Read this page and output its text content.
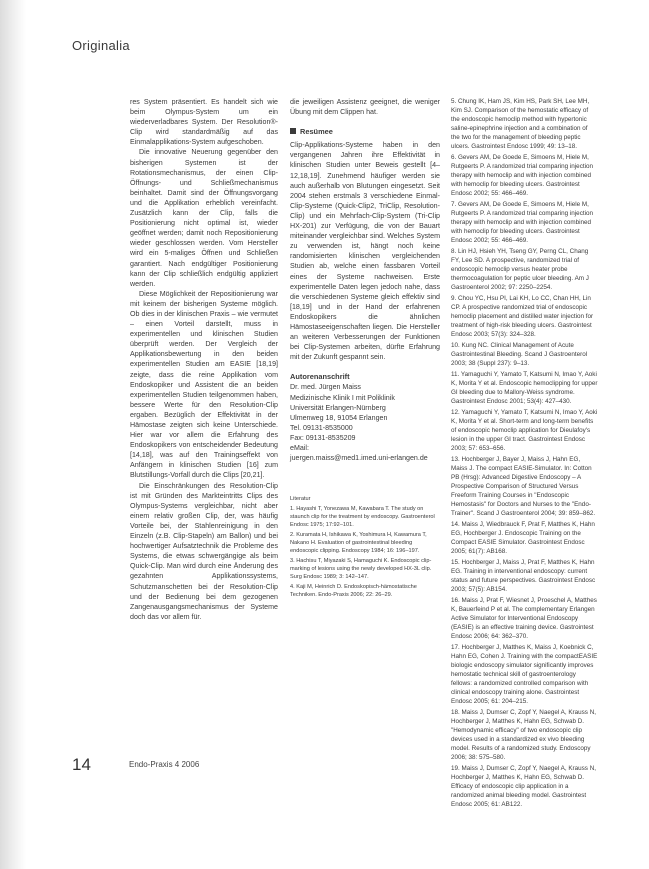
Originalia

res System präsentiert. Es handelt sich wie beim Olympus-System um ein wiederverladbares System. Der Resolution®-Clip wird standardmäßig auf das Einmalapplikations-System aufgeschoben.

Die innovative Neuerung gegenüber den bisherigen Systemen ist der Rotationsmechanismus, der einen Clip-Öffnungs- und Schließmechanismus beinhaltet. Damit sind der Öffnungsvorgang und die Applikation erheblich vereinfacht. Zusätzlich kann der Clip, falls die Positionierung nicht optimal ist, wieder geöffnet werden; damit noch Repositionierung wieder geschlossen werden. Vom Hersteller wird ein 5-maliges Öffnen und Schließen garantiert. Nach endgültiger Positionierung kann der Clip schließlich endgültig appliziert werden.

Diese Möglichkeit der Repositionierung war mit keinem der bisherigen Systeme möglich. Ob dies in der klinischen Praxis – wie vermutet – einen Vorteil darstellt, muss in experimentellen und klinischen Studien überprüft werden. Der Vergleich der Applikationsbewertung in den beiden experimentellen Studien am EASIE [18,19] zeigte, dass die reine Applikation vom Endoskopiker und Assistent die an beiden experimentellen Studien teilgenommen haben, bessere Werte für den Resolution-Clip ergaben. Bezüglich der Effektivität in der Hämostase zeigten sich keine Unterschiede. Hier war vor allem die Erfahrung des Endoskopikers von entscheidender Bedeutung [14,18], was auf den Trainingseffekt von Anfängern in klinischen Studien [16] zum Blutstillungs-Vorfall durch die Clips [20,21].

Die Einschränkungen des Resolution-Clip ist mit Gründen des Markteintritts Clips des Olympus-Systems vergleichbar, nicht aber einem relativ großen Clip, der, was häufig Vorteile bei, der Stahlenreinigung in den Einzeln (z.B. Clip-Stapeln) am Ballon) und bei hochwertiger Aufsatztechnik die Probleme des Systems, die etwas schwergängige als beim Quick-Clip. Man wird durch eine Änderung des gezahnten Applikationssystems, Schutzmanschetten bei der Resolution-Clip und der Bedienung bei dem gezogenen Zangenausgangsmechanismus der Systeme doch das vor allem für.

die jeweiligen Assistenz geeignet, die weniger Übung mit dem Clippen hat.

Resümee

Clip-Applikations-Systeme haben in den vergangenen Jahren ihre Effektivität in klinischen Studien unter Beweis gestellt [4–12,18,19]. Zunehmend häufiger werden sie auch außerhalb von Blutungen eingesetzt. Seit 2004 stehen erstmals 3 verschiedene Einmal-Clip-Systeme (Quick-Clip2, TriClip, Resolution-Clip) und ein Mehrfach-Clip-System (Tri-Clip HX-201) zur Verfügung, die von der Bauart miteinander vergleichbar sind. Welches System zu verwenden ist, hängt noch keine randomisierten klinischen vergleichenden Studien ab, welche einen fassbaren Vorteil eines der Systeme nachweisen. Erste experimentelle Daten legen jedoch nahe, dass die verschiedenen Systeme gleich effektiv sind [18,19] und in der Hand der erfahrenen Endoskopikers die ähnlichen Hämostaseeigenschaften liegen. Die Hersteller an weiteren Verbesserungen der Funktionen bei Clip-Systemen arbeiten, dürfte Erfahrung mit der Zukunft gespannt sein.

Autorenanschrift
Dr. med. Jürgen Maiss
Medizinische Klinik I mit Poliklinik
Universität Erlangen-Nürnberg
Ulmenweg 18, 91054 Erlangen
Tel. 09131-8535000
Fax: 09131-8535209
eMail:
juergen.maiss@med1.imed.uni-erlangen.de
Literatur
1. Hayashi T, Yonezawa M, Kawabara T. The study on staunch clip for the treatment by endoscopy. Gastroenterol Endosc 1975; 17:92–101.
2. Kuramata H, Ishikawa K, Yoshimura H, Kawamura T, Nakano H. Evaluation of gastrointestinal bleeding endoscopic clipping. Endoscopy 1984; 16: 196–197.
3. Hachisu T, Miyazaki S, Hamaguchi K. Endoscopic clip-marking of lesions using the newly developed HX-3L clip. Surg Endosc 1989; 3: 142–147.
4. Kaji M, Heinrich D. Endoskopisch-hämostatische Techniken. Endo-Praxis 2006; 22: 26–29.
5. Chung IK, Ham JS, Kim HS, Park SH, Lee MH, Kim SJ. Comparison of the hemostatic efficacy of the endoscopic hemoclip method with hypertonic saline-epinephrine injection and a combination of the two for the management of bleeding peptic ulcers. Gastrointest Endosc 1999; 49: 13–18.
6. Gevers AM, De Goede E, Simoens M, Hiele M, Rutgeerts P. A randomized trial comparing injection therapy with hemoclip and with injection combined with hemoclip for bleeding ulcers. Gastrointest Endosc 2002; 55: 466–469.
7. Gevers AM, De Goede E, Simoens M, Hiele M, Rutgeerts P. A randomized trial comparing injection therapy with hemoclip and with injection combined with hemoclip for bleeding ulcers. Gastrointest Endosc 2002; 55: 466–469.
8. Lin HJ, Hsieh YH, Tseng GY, Perng CL, Chang FY, Lee SD. A prospective, randomized trial of endoscopic hemoclip versus heater probe thermocoagulation for peptic ulcer bleeding. Am J Gastroenterol 2002; 97: 2250–2254.
9. Chou YC, Hsu PI, Lai KH, Lo CC, Chan HH, Lin CP. A prospective randomized trial of endoscopic hemoclip placement and distilled water injection for treatment of high-risk bleeding ulcers. Gastrointest Endosc 2003; 57(3): 324–328.
10. Kung NC. Clinical Management of Acute Gastrointestinal Bleeding. Scand J Gastroenterol 2003; 38 (Suppl 237): 9–13.
11. Yamaguchi Y, Yamato T, Katsumi N, Imao Y, Aoki K, Morita Y et al. Endoscopic hemoclipping for upper GI bleeding due to Mallory-Weiss syndrome. Gastrointest Endosc 2001; 53(4): 427–430.
12. Yamaguchi Y, Yamato T, Katsumi N, Imao Y, Aoki K, Morita Y et al. Short-term and long-term benefits of endoscopic hemoclip application for Dieulafoy's lesion in the upper GI tract. Gastrointest Endosc 2003; 57: 653–656.
13. Hochberger J, Bayer J, Maiss J, Hahn EG, Maiss J. The compact EASIE-Simulator. In: Cotton PB (Hrsg): Advanced Digestive Endoscopy – A Prospective Comparison of Structured Versus Freeform Training Courses in "Endoscopic Hemostasis" for Doctors and Nurses to the "Endo-Trainer". Scand J Gastroenterol 2004; 39: 859–862.
14. Maiss J, Wiedbrauck F, Prat F, Matthes K, Hahn EG, Hochberger J. Endoscopic Training on the Compact EASIE Simulator. Gastrointest Endosc 2005; 61(7): AB168.
15. Hochberger J, Maiss J, Prat F, Matthes K, Hahn EG. Training in interventional endoscopy: current status and future perspectives. Gastrointest Endosc 2003; 57(5): AB154.
16. Maiss J, Prat F, Wiesnet J, Proeschel A, Matthes K, Bauerfeind P et al. The complementary Erlangen Active Simulator for Interventional Endoscopy (EASIE) is an effective training device. Gastrointest Endosc 2006; 64: 362–370.
17. Hochberger J, Matthes K, Maiss J, Koebnick C, Hahn EG, Cohen J. Training with the compactEASIE biologic endoscopy simulator significantly improves hemostatic technical skill of gastroenterology fellows: a randomized controlled comparison with clinical endoscopy training alone. Gastrointest Endosc 2005; 61: 204–215.
18. Maiss J, Dumser C, Zopf Y, Naegel A, Krauss N, Hochberger J, Matthes K, Hahn EG, Schwab D. "Hemodynamic efficacy" of two endoscopic clip devices used in a standardized ex vivo bleeding model. Results of a randomized study. Endoscopy 2006; 38: 575–580.
19. Maiss J, Dumser C, Zopf Y, Naegel A, Krauss N, Hochberger J, Matthes K, Hahn EG, Schwab D. Efficacy of endoscopic clip application in a randomized animal bleeding model. Gastrointest Endosc 2005; 61: AB122.
14	Endo-Praxis 4 2006
